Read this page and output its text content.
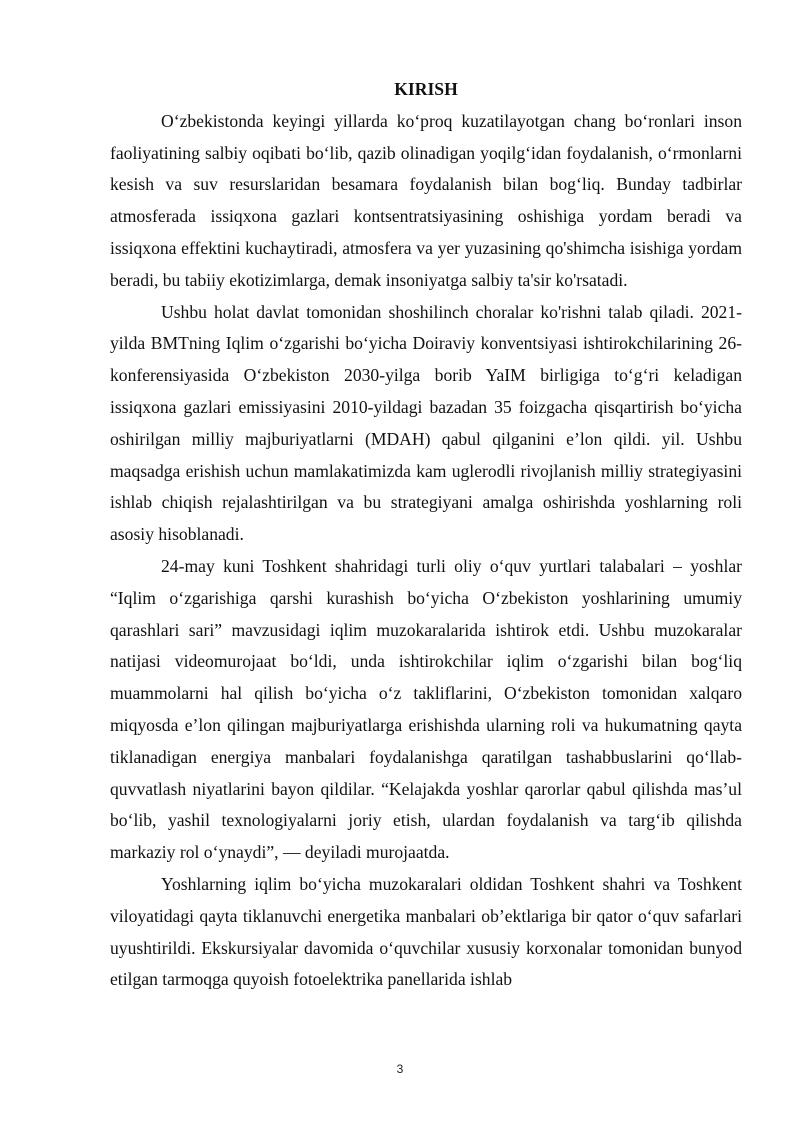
KIRISH

O‘zbekistonda keyingi yillarda ko‘proq kuzatilayotgan chang bo‘ronlari inson faoliyatining salbiy oqibati bo‘lib, qazib olinadigan yoqilg‘idan foydalanish, o‘rmonlarni kesish va suv resurslaridan besamara foydalanish bilan bog‘liq. Bunday tadbirlar atmosferada issiqxona gazlari kontsentratsiyasining oshishiga yordam beradi va issiqxona effektini kuchaytiradi, atmosfera va yer yuzasining qo'shimcha isishiga yordam beradi, bu tabiiy ekotizimlarga, demak insoniyatga salbiy ta'sir ko'rsatadi.

Ushbu holat davlat tomonidan shoshilinch choralar ko'rishni talab qiladi. 2021-yilda BMTning Iqlim o‘zgarishi bo‘yicha Doiraviy konventsiyasi ishtirokchilarining 26-konferensiyasida O‘zbekiston 2030-yilga borib YaIM birligiga to‘g‘ri keladigan issiqxona gazlari emissiyasini 2010-yildagi bazadan 35 foizgacha qisqartirish bo‘yicha oshirilgan milliy majburiyatlarni (MDAH) qabul qilganini e’lon qildi. yil. Ushbu maqsadga erishish uchun mamlakatimizda kam uglerodli rivojlanish milliy strategiyasini ishlab chiqish rejalashtirilgan va bu strategiyani amalga oshirishda yoshlarning roli asosiy hisoblanadi.

24-may kuni Toshkent shahridagi turli oliy o‘quv yurtlari talabalari – yoshlar “Iqlim o‘zgarishiga qarshi kurashish bo‘yicha O‘zbekiston yoshlarining umumiy qarashlari sari” mavzusidagi iqlim muzokaralarida ishtirok etdi. Ushbu muzokaralar natijasi videomurojaat bo‘ldi, unda ishtirokchilar iqlim o‘zgarishi bilan bog‘liq muammolarni hal qilish bo‘yicha o‘z takliflarini, O‘zbekiston tomonidan xalqaro miqyosda e’lon qilingan majburiyatlarga erishishda ularning roli va hukumatning qayta tiklanadigan energiya manbalari foydalanishga qaratilgan tashabbuslarini qo‘llab-quvvatlash niyatlarini bayon qildilar. “Kelajakda yoshlar qarorlar qabul qilishda mas’ul bo‘lib, yashil texnologiyalarni joriy etish, ulardan foydalanish va targ‘ib qilishda markaziy rol o‘ynaydi”, — deyiladi murojaatda.

Yoshlarning iqlim bo‘yicha muzokaralari oldidan Toshkent shahri va Toshkent viloyatidagi qayta tiklanuvchi energetika manbalari ob’ektlariga bir qator o‘quv safarlari uyushtirildi. Ekskursiyalar davomida o‘quvchilar xususiy korxonalar tomonidan bunyod etilgan tarmoqga quyoish fotoelektrika panellarida ishlab

3
